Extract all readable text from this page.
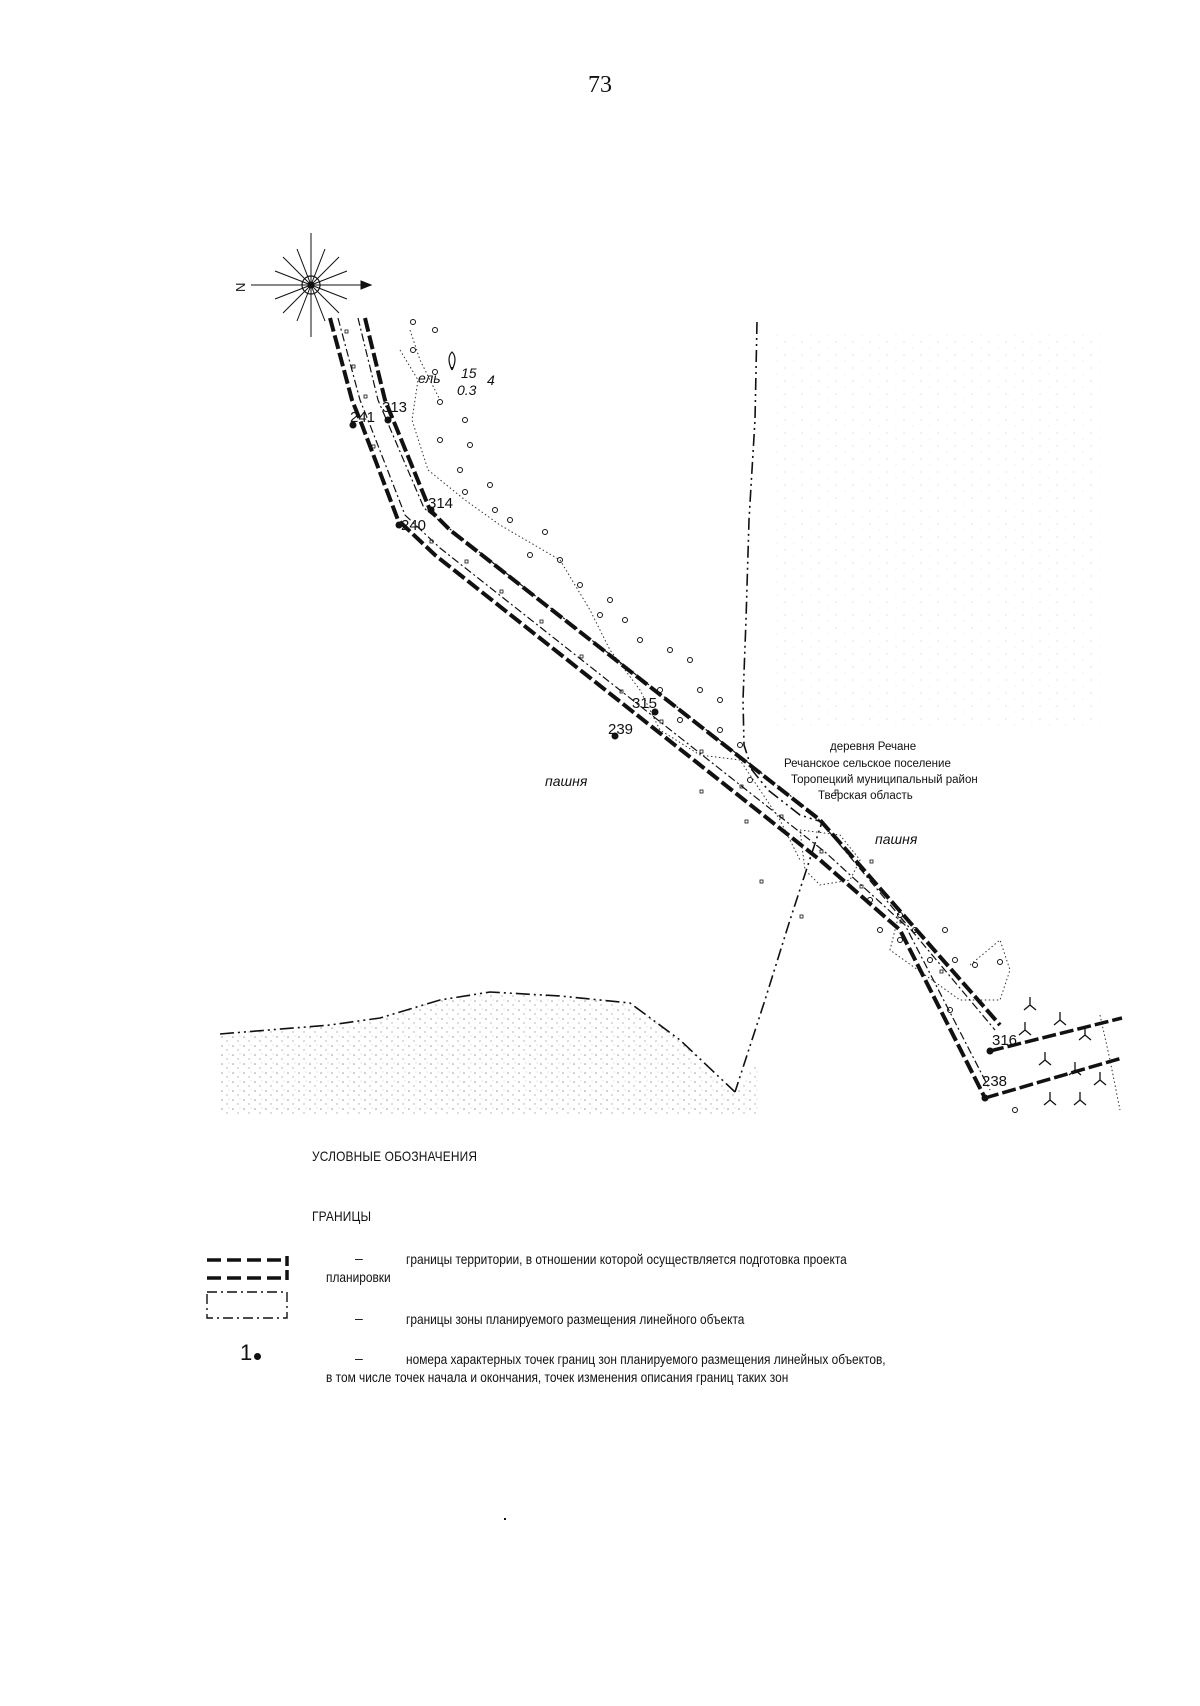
73
N
ель 15
0.3
4
241
313
314
240
315
239
316
238
пашня
пашня
деревня Речане
Речанское сельское поселение
Торопецкий муниципальный район
Тверская область
УСЛОВНЫЕ ОБОЗНАЧЕНИЯ
ГРАНИЦЫ
–	границы территории, в отношении которой осуществляется подготовка проекта
планировки
–	границы зоны планируемого размещения линейного объекта
1	–	номера характерных точек границ зон планируемого размещения линейных объектов,
в том числе точек начала и окончания, точек изменения описания границ таких зон
